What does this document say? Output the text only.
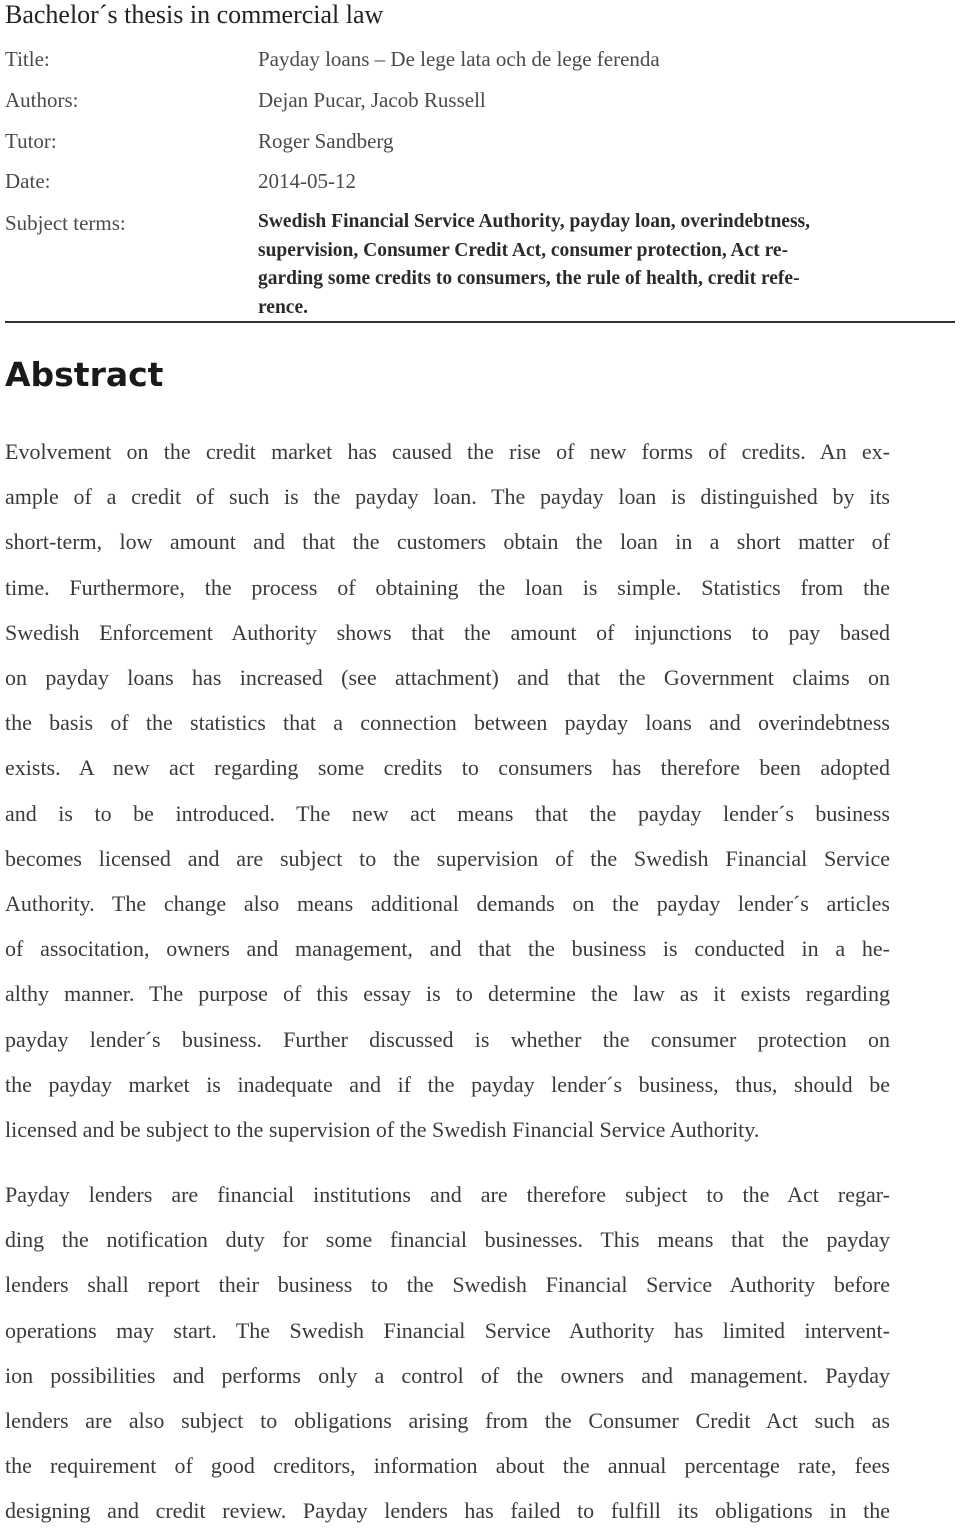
Bachelor´s thesis in commercial law
Title:	Payday loans – De lege lata och de lege ferenda
Authors:	Dejan Pucar, Jacob Russell
Tutor:	Roger Sandberg
Date:	2014-05-12
Subject terms:	Swedish Financial Service Authority, payday loan, overindebtness,
supervision, Consumer Credit Act, consumer protection, Act re-
garding some credits to consumers, the rule of health, credit refe-
rence.
Abstract
Evolvement on the credit market has caused the rise of new forms of credits. An ex-
ample of a credit of such is the payday loan. The payday loan is distinguished by its
short-term, low amount and that the customers obtain the loan in a short matter of
time. Furthermore, the process of obtaining the loan is simple. Statistics from the
Swedish Enforcement Authority shows that the amount of injunctions to pay based
on payday loans has increased (see attachment) and that the Government claims on
the basis of the statistics that a connection between payday loans and overindebtness
exists. A new act regarding some credits to consumers has therefore been adopted
and is to be introduced. The new act means that the payday lender´s business
becomes licensed and are subject to the supervision of the Swedish Financial Service
Authority. The change also means additional demands on the payday lender´s articles
of associtation, owners and management, and that the business is conducted in a he-
althy manner. The purpose of this essay is to determine the law as it exists regarding
payday lender´s business. Further discussed is whether the consumer protection on
the payday market is inadequate and if the payday lender´s business, thus, should be
licensed and be subject to the supervision of the Swedish Financial Service Authority.
Payday lenders are financial institutions and are therefore subject to the Act regar-
ding the notification duty for some financial businesses. This means that the payday
lenders shall report their business to the Swedish Financial Service Authority before
operations may start. The Swedish Financial Service Authority has limited intervent-
ion possibilities and performs only a control of the owners and management. Payday
lenders are also subject to obligations arising from the Consumer Credit Act such as
the requirement of good creditors, information about the annual percentage rate, fees
designing and credit review. Payday lenders has failed to fulfill its obligations in the
